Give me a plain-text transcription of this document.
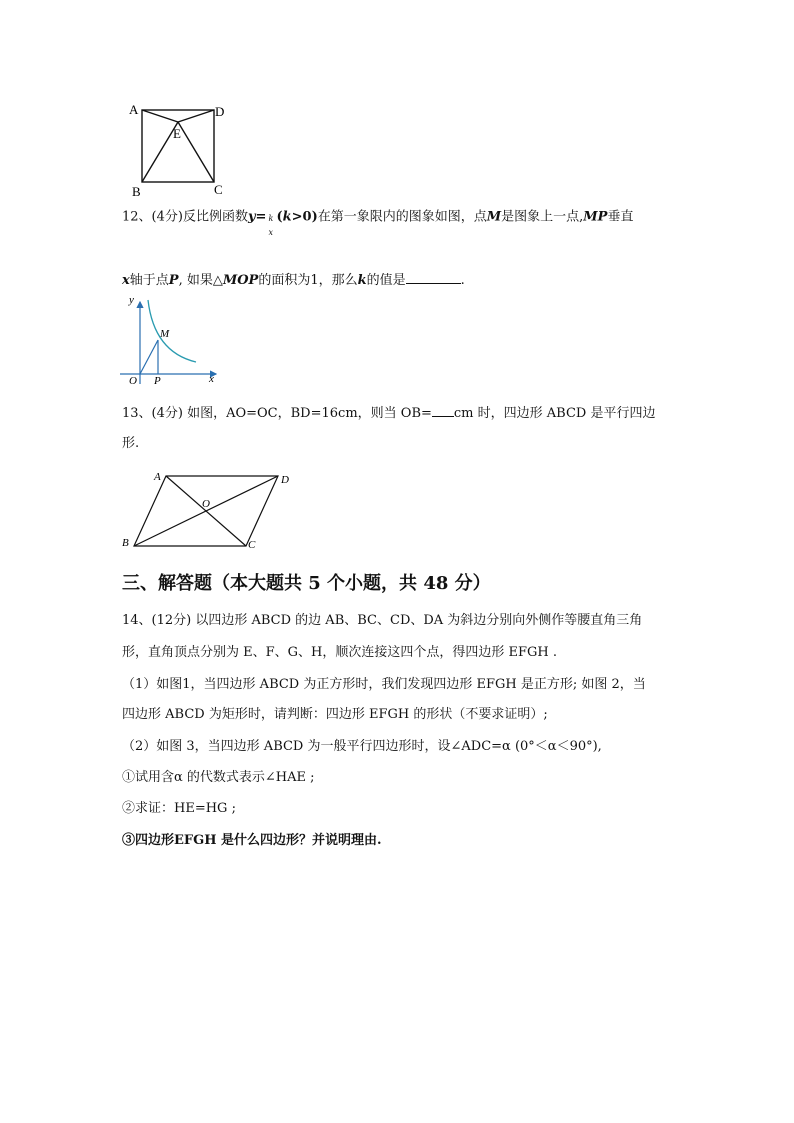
A	D
E
B	C
12、(4分)反比例函数y= k
x
(k>0)在第一象限内的图象如图，点M是图象上一点,MP垂直
x轴于点P, 如果△MOP的面积为1，那么k的值是	.
y
M
O P	x
13、(4分) 如图，AO=OC，BD=16cm，则当 OB= cm 时，四边形 ABCD 是平行四边
形.
A	D
O
B	C
三、解答题（本大题共 5 个小题，共 48 分）
14、(12分) 以四边形 ABCD 的边 AB、BC、CD、DA 为斜边分别向外侧作等腰直角三角
形，直角顶点分别为 E、F、G、H，顺次连接这四个点，得四边形 EFGH .
（1）如图1，当四边形 ABCD 为正方形时，我们发现四边形 EFGH 是正方形; 如图 2，当
四边形 ABCD 为矩形时，请判断：四边形 EFGH 的形状（不要求证明）;
（2）如图 3，当四边形 ABCD 为一般平行四边形时，设∠ADC=α (0°＜α＜90°),
①试用含α 的代数式表示∠HAE ;
②求证：HE=HG ;
③四边形EFGH 是什么四边形？并说明理由.
